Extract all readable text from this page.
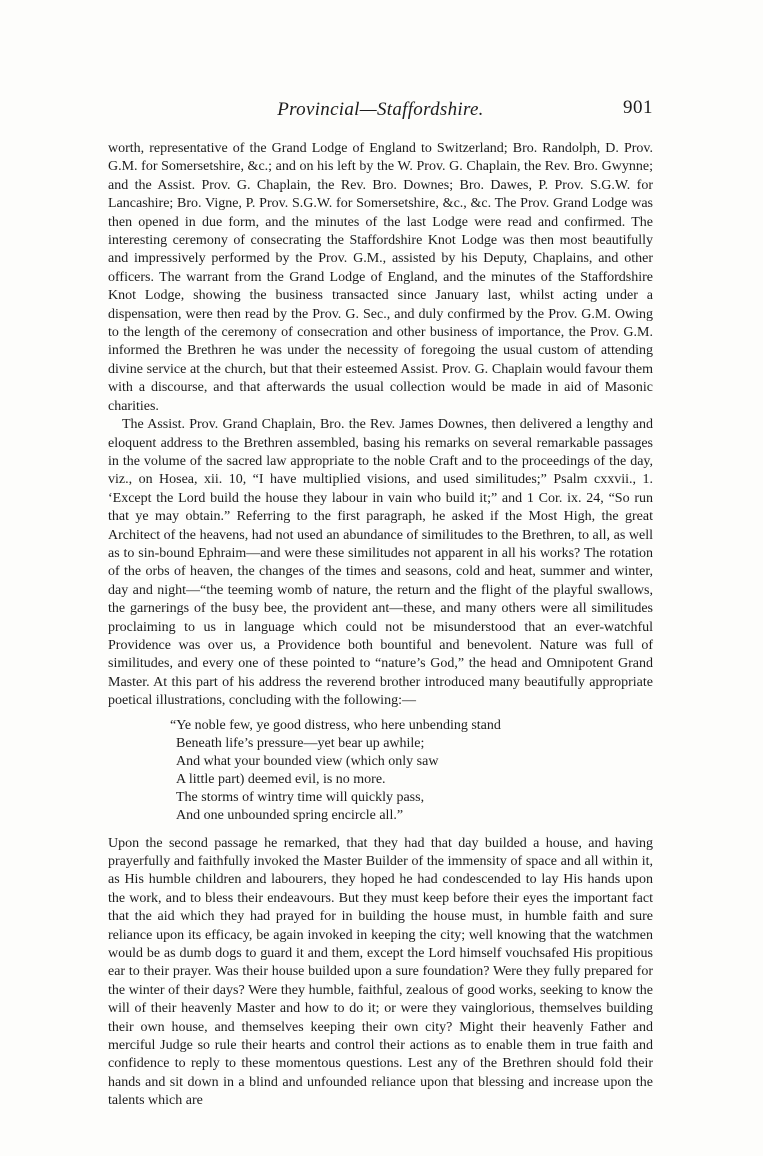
Provincial—Staffordshire.	901

worth, representative of the Grand Lodge of England to Switzerland; Bro. Randolph, D. Prov. G.M. for Somersetshire, &c.; and on his left by the W. Prov. G. Chaplain, the Rev. Bro. Gwynne; and the Assist. Prov. G. Chaplain, the Rev. Bro. Downes; Bro. Dawes, P. Prov. S.G.W. for Lancashire; Bro. Vigne, P. Prov. S.G.W. for Somersetshire, &c., &c. The Prov. Grand Lodge was then opened in due form, and the minutes of the last Lodge were read and confirmed. The interesting ceremony of consecrating the Staffordshire Knot Lodge was then most beautifully and impressively performed by the Prov. G.M., assisted by his Deputy, Chaplains, and other officers. The warrant from the Grand Lodge of England, and the minutes of the Staffordshire Knot Lodge, showing the business transacted since January last, whilst acting under a dispensation, were then read by the Prov. G. Sec., and duly confirmed by the Prov. G.M. Owing to the length of the ceremony of consecration and other business of importance, the Prov. G.M. informed the Brethren he was under the necessity of foregoing the usual custom of attending divine service at the church, but that their esteemed Assist. Prov. G. Chaplain would favour them with a discourse, and that afterwards the usual collection would be made in aid of Masonic charities.

The Assist. Prov. Grand Chaplain, Bro. the Rev. James Downes, then delivered a lengthy and eloquent address to the Brethren assembled, basing his remarks on several remarkable passages in the volume of the sacred law appropriate to the noble Craft and to the proceedings of the day, viz., on Hosea, xii. 10, “I have multiplied visions, and used similitudes;” Psalm cxxvii., 1. ‘Except the Lord build the house they labour in vain who build it;” and 1 Cor. ix. 24, “So run that ye may obtain.” Referring to the first paragraph, he asked if the Most High, the great Architect of the heavens, had not used an abundance of similitudes to the Brethren, to all, as well as to sin-bound Ephraim—and were these similitudes not apparent in all his works? The rotation of the orbs of heaven, the changes of the times and seasons, cold and heat, summer and winter, day and night—“the teeming womb of nature, the return and the flight of the playful swallows, the garnerings of the busy bee, the provident ant—these, and many others were all similitudes proclaiming to us in language which could not be misunderstood that an ever-watchful Providence was over us, a Providence both bountiful and benevolent. Nature was full of similitudes, and every one of these pointed to “nature’s God,” the head and Omnipotent Grand Master. At this part of his address the reverend brother introduced many beautifully appropriate poetical illustrations, concluding with the following:—

“Ye noble few, ye good distress, who here unbending stand
Beneath life’s pressure—yet bear up awhile;
And what your bounded view (which only saw
A little part) deemed evil, is no more.
The storms of wintry time will quickly pass,
And one unbounded spring encircle all.”

Upon the second passage he remarked, that they had that day builded a house, and having prayerfully and faithfully invoked the Master Builder of the immensity of space and all within it, as His humble children and labourers, they hoped he had condescended to lay His hands upon the work, and to bless their endeavours. But they must keep before their eyes the important fact that the aid which they had prayed for in building the house must, in humble faith and sure reliance upon its efficacy, be again invoked in keeping the city; well knowing that the watchmen would be as dumb dogs to guard it and them, except the Lord himself vouchsafed His propitious ear to their prayer. Was their house builded upon a sure foundation? Were they fully prepared for the winter of their days? Were they humble, faithful, zealous of good works, seeking to know the will of their heavenly Master and how to do it; or were they vainglorious, themselves building their own house, and themselves keeping their own city? Might their heavenly Father and merciful Judge so rule their hearts and control their actions as to enable them in true faith and confidence to reply to these momentous questions. Lest any of the Brethren should fold their hands and sit down in a blind and unfounded reliance upon that blessing and increase upon the talents which are
